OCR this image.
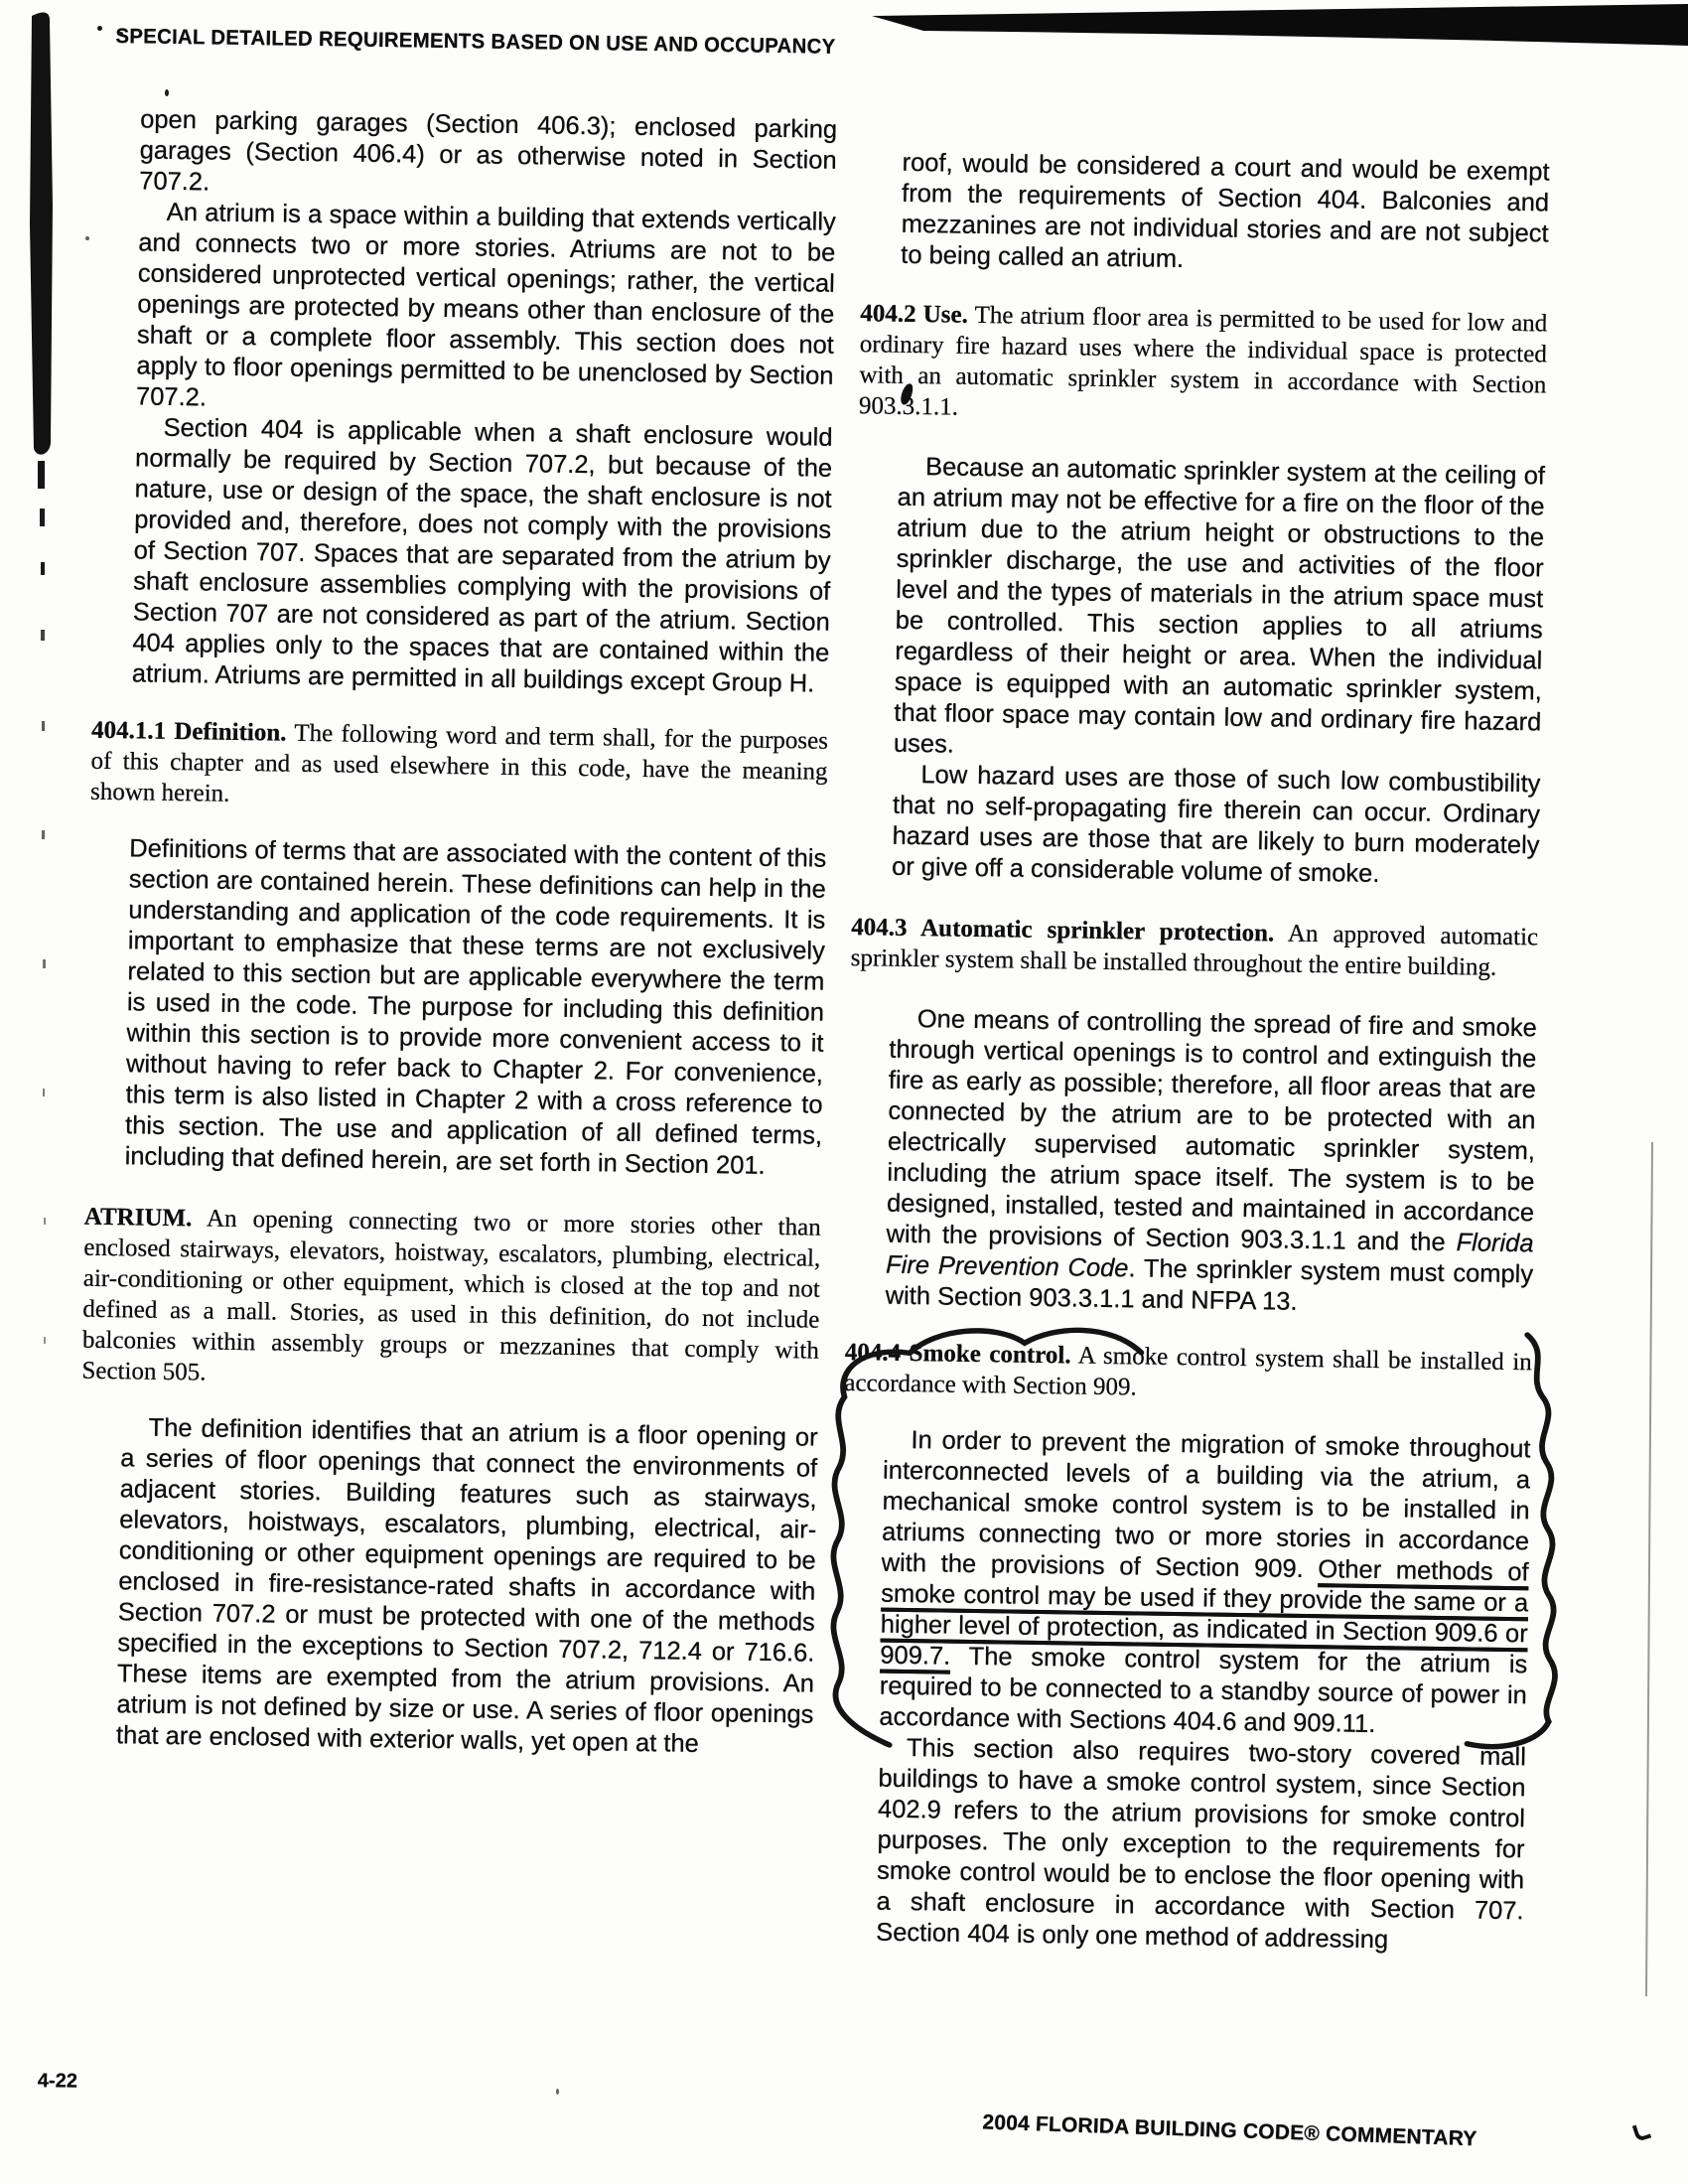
SPECIAL DETAILED REQUIREMENTS BASED ON USE AND OCCUPANCY

open parking garages (Section 406.3); enclosed parking garages (Section 406.4) or as otherwise noted in Section 707.2.

An atrium is a space within a building that extends vertically and connects two or more stories. Atriums are not to be considered unprotected vertical openings; rather, the vertical openings are protected by means other than enclosure of the shaft or a complete floor assembly. This section does not apply to floor openings permitted to be unenclosed by Section 707.2.

Section 404 is applicable when a shaft enclosure would normally be required by Section 707.2, but because of the nature, use or design of the space, the shaft enclosure is not provided and, therefore, does not comply with the provisions of Section 707. Spaces that are separated from the atrium by shaft enclosure assemblies complying with the provisions of Section 707 are not considered as part of the atrium. Section 404 applies only to the spaces that are contained within the atrium. Atriums are permitted in all buildings except Group H.

404.1.1 Definition. The following word and term shall, for the purposes of this chapter and as used elsewhere in this code, have the meaning shown herein.

Definitions of terms that are associated with the content of this section are contained herein. These definitions can help in the understanding and application of the code requirements. It is important to emphasize that these terms are not exclusively related to this section but are applicable everywhere the term is used in the code. The purpose for including this definition within this section is to provide more convenient access to it without having to refer back to Chapter 2. For convenience, this term is also listed in Chapter 2 with a cross reference to this section. The use and application of all defined terms, including that defined herein, are set forth in Section 201.

ATRIUM. An opening connecting two or more stories other than enclosed stairways, elevators, hoistway, escalators, plumbing, electrical, air-conditioning or other equipment, which is closed at the top and not defined as a mall. Stories, as used in this definition, do not include balconies within assembly groups or mezzanines that comply with Section 505.

The definition identifies that an atrium is a floor opening or a series of floor openings that connect the environments of adjacent stories. Building features such as stairways, elevators, hoistways, escalators, plumbing, electrical, air-conditioning or other equipment openings are required to be enclosed in fire-resistance-rated shafts in accordance with Section 707.2 or must be protected with one of the methods specified in the exceptions to Section 707.2, 712.4 or 716.6. These items are exempted from the atrium provisions. An atrium is not defined by size or use. A series of floor openings that are enclosed with exterior walls, yet open at the

roof, would be considered a court and would be exempt from the requirements of Section 404. Balconies and mezzanines are not individual stories and are not subject to being called an atrium.

404.2 Use. The atrium floor area is permitted to be used for low and ordinary fire hazard uses where the individual space is protected with an automatic sprinkler system in accordance with Section 903.3.1.1.

Because an automatic sprinkler system at the ceiling of an atrium may not be effective for a fire on the floor of the atrium due to the atrium height or obstructions to the sprinkler discharge, the use and activities of the floor level and the types of materials in the atrium space must be controlled. This section applies to all atriums regardless of their height or area. When the individual space is equipped with an automatic sprinkler system, that floor space may contain low and ordinary fire hazard uses.

Low hazard uses are those of such low combustibility that no self-propagating fire therein can occur. Ordinary hazard uses are those that are likely to burn moderately or give off a considerable volume of smoke.

404.3 Automatic sprinkler protection. An approved automatic sprinkler system shall be installed throughout the entire building.

One means of controlling the spread of fire and smoke through vertical openings is to control and extinguish the fire as early as possible; therefore, all floor areas that are connected by the atrium are to be protected with an electrically supervised automatic sprinkler system, including the atrium space itself. The system is to be designed, installed, tested and maintained in accordance with the provisions of Section 903.3.1.1 and the Florida Fire Prevention Code. The sprinkler system must comply with Section 903.3.1.1 and NFPA 13.

404.4 Smoke control. A smoke control system shall be installed in accordance with Section 909.

In order to prevent the migration of smoke throughout interconnected levels of a building via the atrium, a mechanical smoke control system is to be installed in atriums connecting two or more stories in accordance with the provisions of Section 909. Other methods of smoke control may be used if they provide the same or a higher level of protection, as indicated in Section 909.6 or 909.7. The smoke control system for the atrium is required to be connected to a standby source of power in accordance with Sections 404.6 and 909.11.

This section also requires two-story covered mall buildings to have a smoke control system, since Section 402.9 refers to the atrium provisions for smoke control purposes. The only exception to the requirements for smoke control would be to enclose the floor opening with a shaft enclosure in accordance with Section 707. Section 404 is only one method of addressing

4-22
2004 FLORIDA BUILDING CODE® COMMENTARY
